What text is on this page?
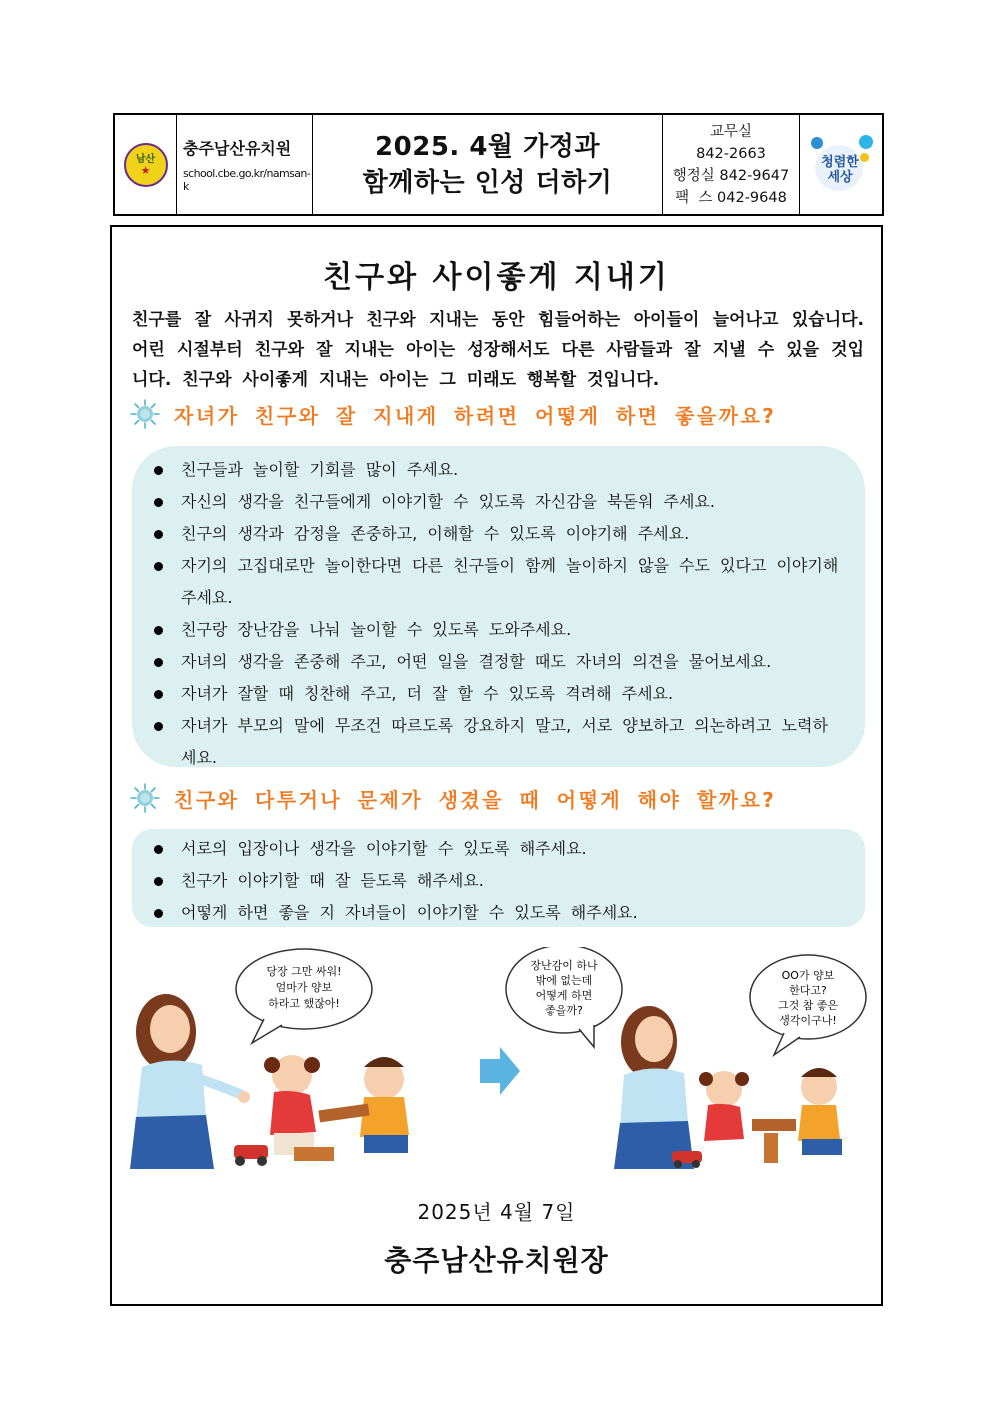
남산
★
충주남산유치원
school.cbe.go.kr/namsan-k
2025. 4월 가정과
함께하는 인성 더하기
교무실
842-2663
행정실 842-9647
팩  스 042-9648
청렴한 세상
친구와 사이좋게 지내기
친구를 잘 사귀지 못하거나 친구와 지내는 동안 힘들어하는 아이들이 늘어나고 있습니다. 어린 시절부터 친구와 잘 지내는 아이는 성장해서도 다른 사람들과 잘 지낼 수 있을 것입니다. 친구와 사이좋게 지내는 아이는 그 미래도 행복할 것입니다.
자녀가 친구와 잘 지내게 하려면 어떻게 하면 좋을까요?
친구들과 놀이할 기회를 많이 주세요.
자신의 생각을 친구들에게 이야기할 수 있도록 자신감을 북돋워 주세요.
친구의 생각과 감정을 존중하고, 이해할 수 있도록 이야기해 주세요.
자기의 고집대로만 놀이한다면 다른 친구들이 함께 놀이하지 않을 수도 있다고 이야기해 주세요.
친구랑 장난감을 나눠 놀이할 수 있도록 도와주세요.
자녀의 생각을 존중해 주고, 어떤 일을 결정할 때도 자녀의 의견을 물어보세요.
자녀가 잘할 때 칭찬해 주고, 더 잘 할 수 있도록 격려해 주세요.
자녀가 부모의 말에 무조건 따르도록 강요하지 말고, 서로 양보하고 의논하려고 노력하세요.
친구와 다투거나 문제가 생겼을 때 어떻게 해야 할까요?
서로의 입장이나 생각을 이야기할 수 있도록 해주세요.
친구가 이야기할 때 잘 듣도록 해주세요.
어떻게 하면 좋을 지 자녀들이 이야기할 수 있도록 해주세요.
당장 그만 싸워!
엄마가 양보
하라고 했잖아!
장난감이 하나
밖에 없는데
어떻게 하면
좋을까?
OO가 양보
한다고?
그것 참 좋은
생각이구나!
2025년 4월 7일
충주남산유치원장
